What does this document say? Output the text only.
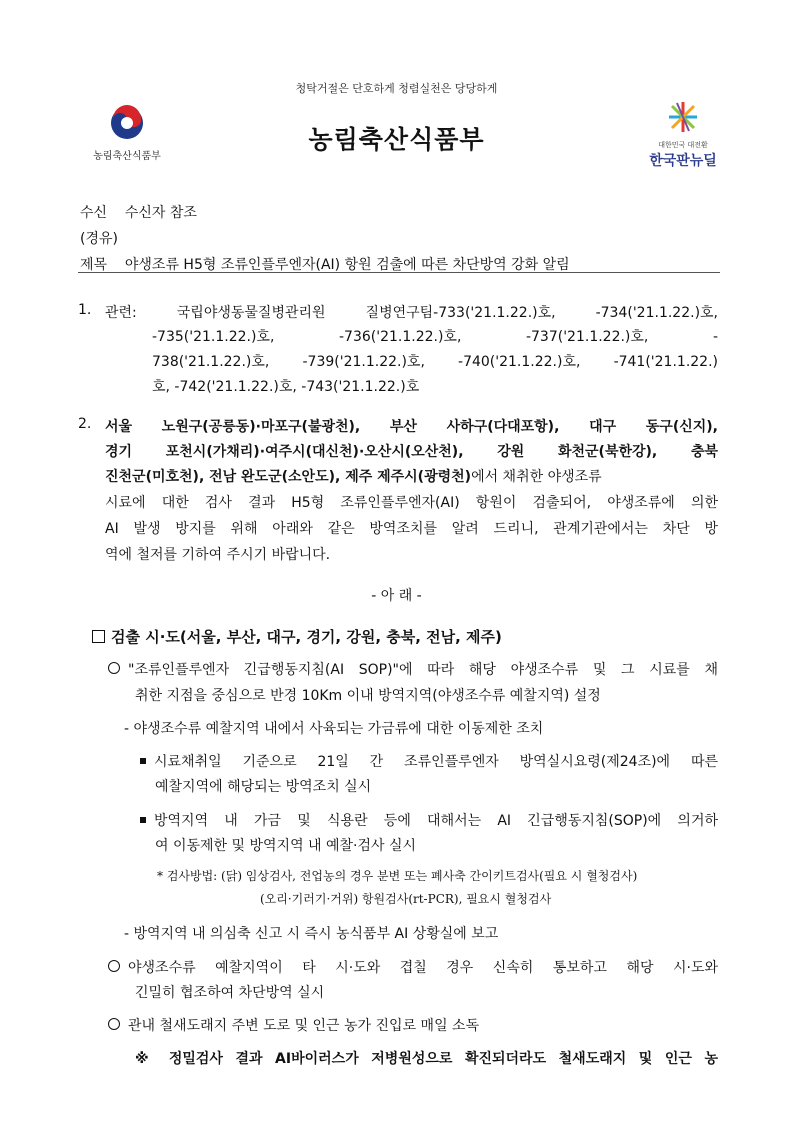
청탁거절은 단호하게 청렴실천은 당당하게
농림축산식품부
농림축산식품부	대한민국 대전환
한국판뉴딜
수신 수신자 참조
(경유)
제목 야생조류 H5형 조류인플루엔자(AI) 항원 검출에 따른 차단방역 강화 알림
1. 관련: 국립야생동물질병관리원 질병연구팀-733('21.1.22.)호, -734('21.1.22.)호,
-735('21.1.22.)호, -736('21.1.22.)호, -737('21.1.22.)호, -
738('21.1.22.)호, -739('21.1.22.)호, -740('21.1.22.)호, -741('21.1.22.)
호, -742('21.1.22.)호, -743('21.1.22.)호
2. 서울 노원구(공릉동)·마포구(불광천), 부산 사하구(다대포항), 대구 동구(신지),
경기 포천시(가채리)·여주시(대신천)·오산시(오산천), 강원 화천군(북한강), 충북
진천군(미호천), 전남 완도군(소안도), 제주 제주시(광령천)에서 채취한 야생조류
시료에 대한 검사 결과 H5형 조류인플루엔자(AI) 항원이 검출되어, 야생조류에 의한
AI 발생 방지를 위해 아래와 같은 방역조치를 알려 드리니, 관계기관에서는 차단 방
역에 철저를 기하여 주시기 바랍니다.
- 아 래 -
검출 시·도(서울, 부산, 대구, 경기, 강원, 충북, 전남, 제주)
"조류인플루엔자 긴급행동지침(AI SOP)"에 따라 해당 야생조수류 및 그 시료를 채
취한 지점을 중심으로 반경 10Km 이내 방역지역(야생조수류 예찰지역) 설정
- 야생조수류 예찰지역 내에서 사육되는 가금류에 대한 이동제한 조치
시료채취일 기준으로 21일 간 조류인플루엔자 방역실시요령(제24조)에 따른
예찰지역에 해당되는 방역조치 실시
방역지역 내 가금 및 식용란 등에 대해서는 AI 긴급행동지침(SOP)에 의거하
여 이동제한 및 방역지역 내 예찰·검사 실시
* 검사방법: (닭) 임상검사, 전업농의 경우 분변 또는 폐사축 간이키트검사(필요 시 혈청검사)
(오리·기러기·거위) 항원검사(rt-PCR), 필요시 혈청검사
- 방역지역 내 의심축 신고 시 즉시 농식품부 AI 상황실에 보고
야생조수류 예찰지역이 타 시·도와 겹칠 경우 신속히 통보하고 해당 시·도와
긴밀히 협조하여 차단방역 실시
관내 철새도래지 주변 도로 및 인근 농가 진입로 매일 소독
※ 정밀검사 결과 AI바이러스가 저병원성으로 확진되더라도 철새도래지 및 인근 농
